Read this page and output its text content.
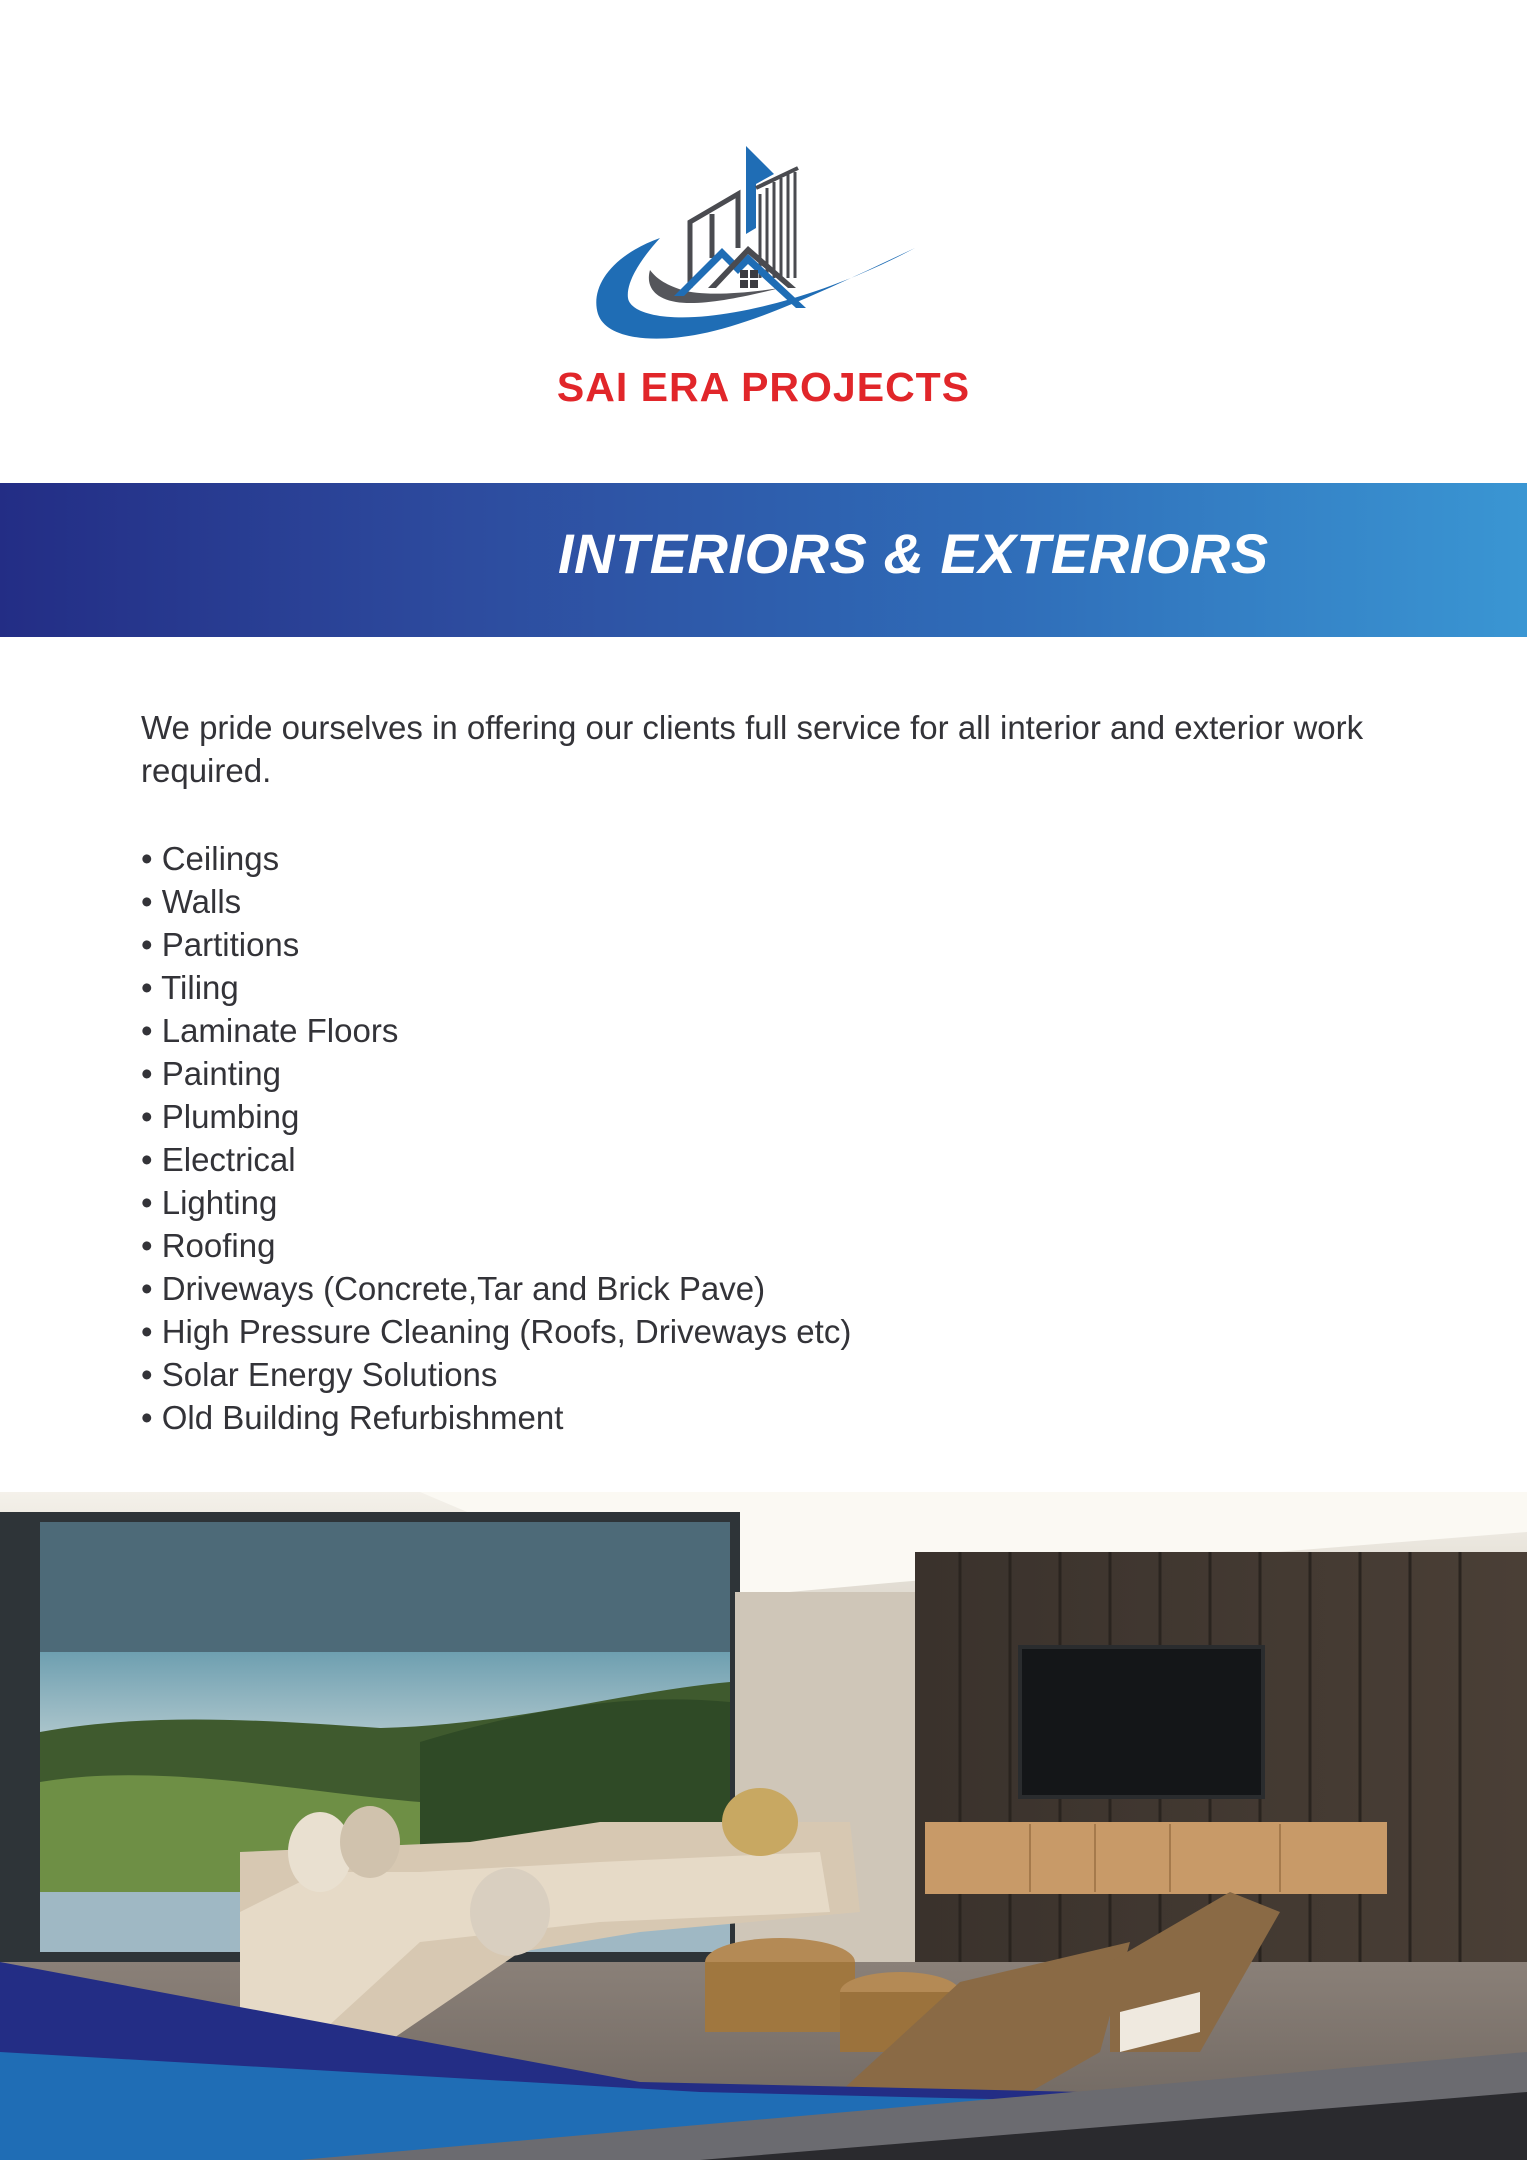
SAI ERA PROJECTS
INTERIORS & EXTERIORS

We pride ourselves in offering our clients full service for all interior and exterior work required.

• Ceilings
• Walls
• Partitions
• Tiling
• Laminate Floors
• Painting
• Plumbing
• Electrical
• Lighting
• Roofing
• Driveways (Concrete,Tar and Brick Pave)
• High Pressure Cleaning (Roofs, Driveways etc)
• Solar Energy Solutions
• Old Building Refurbishment
